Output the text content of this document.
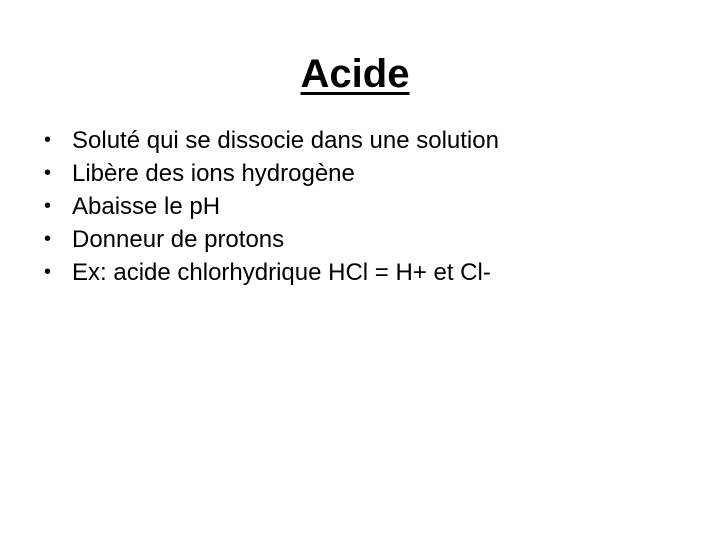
Acide
• Soluté qui se dissocie dans une solution
• Libère des ions hydrogène
• Abaisse le pH
• Donneur de protons
• Ex: acide chlorhydrique HCl = H+ et Cl-
